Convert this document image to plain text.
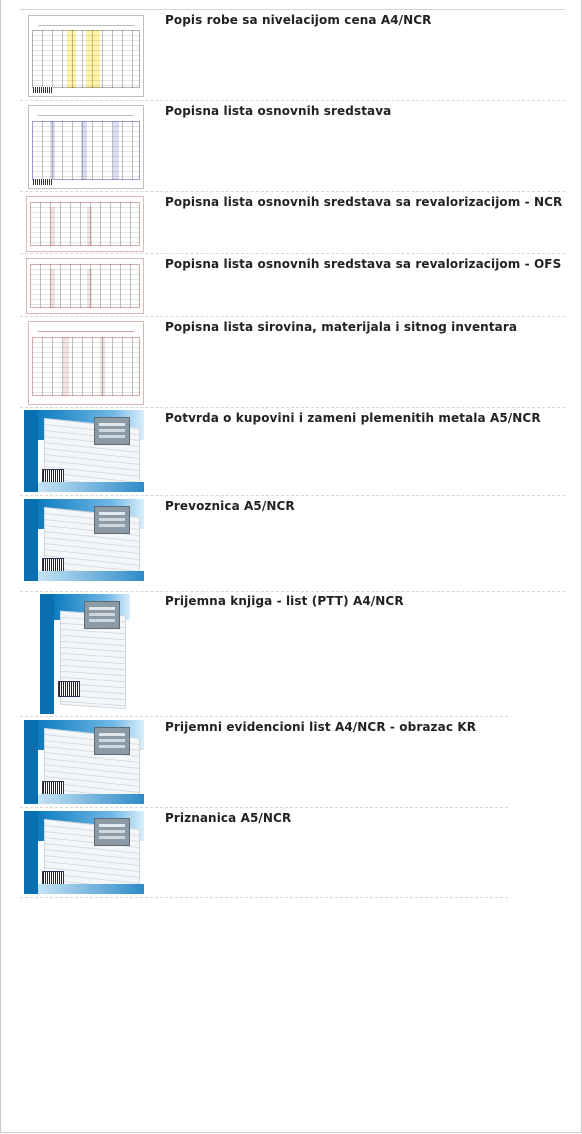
Popis robe sa nivelacijom cena A4/NCR
Popisna lista osnovnih sredstava
Popisna lista osnovnih sredstava sa revalorizacijom - NCR
Popisna lista osnovnih sredstava sa revalorizacijom - OFS
Popisna lista sirovina, materijala i sitnog inventara
Potvrda o kupovini i zameni plemenitih metala A5/NCR
Prevoznica A5/NCR
Prijemna knjiga - list (PTT) A4/NCR
Prijemni evidencioni list A4/NCR - obrazac KR
Priznanica A5/NCR
